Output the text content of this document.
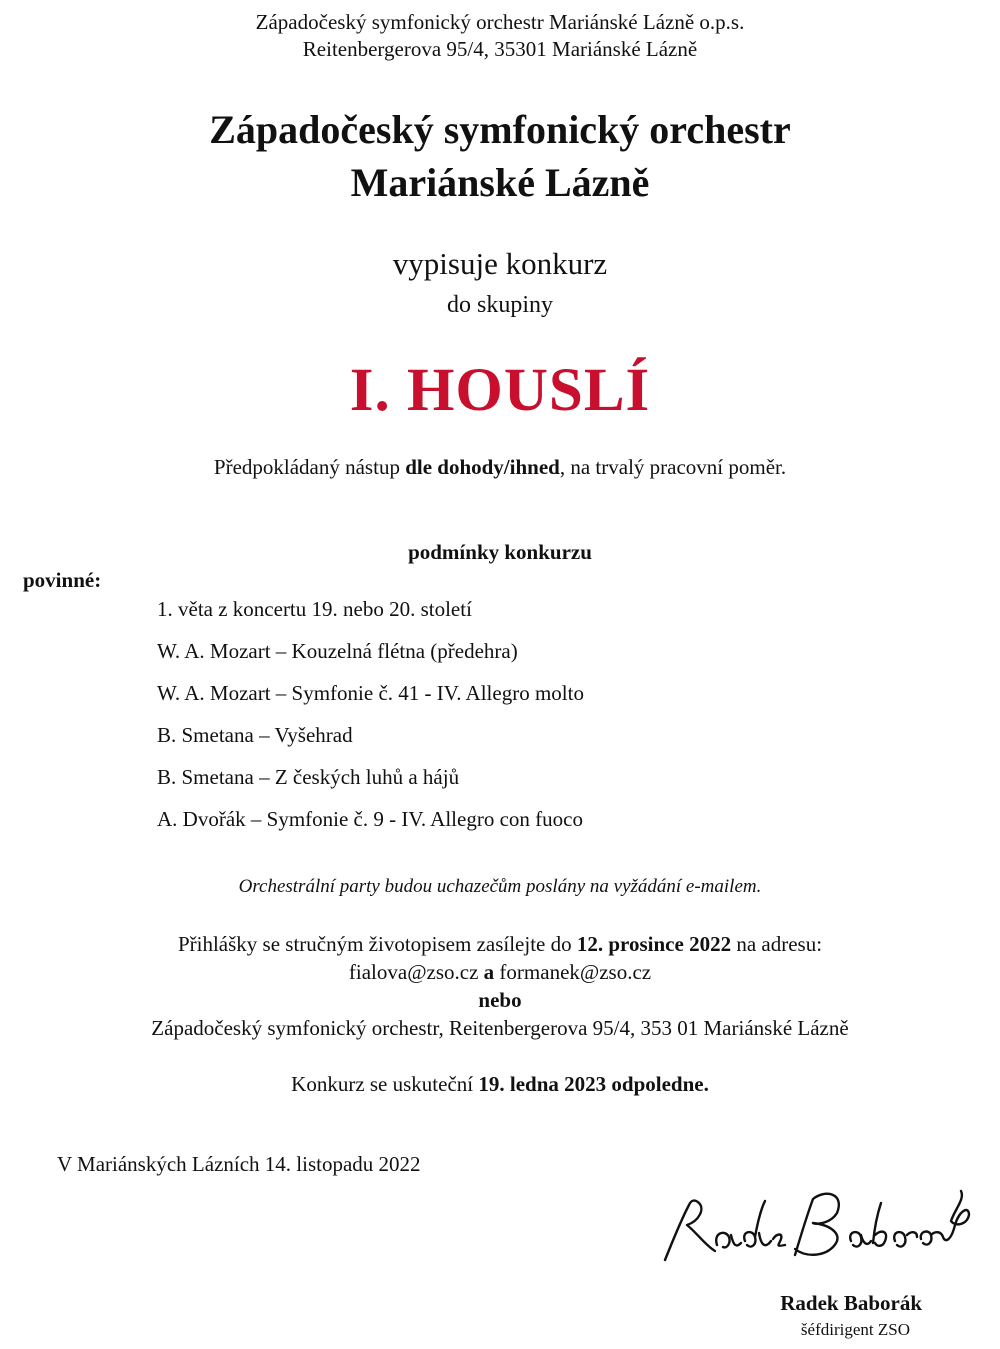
Západočeský symfonický orchestr Mariánské Lázně o.p.s.
Reitenbergerova 95/4, 35301 Mariánské Lázně
Západočeský symfonický orchestr
Mariánské Lázně
vypisuje konkurz
do skupiny
I. HOUSLÍ
Předpokládaný nástup dle dohody/ihned, na trvalý pracovní poměr.
podmínky konkurzu
povinné:
1. věta z koncertu 19. nebo 20. století
W. A. Mozart – Kouzelná flétna (předehra)
W. A. Mozart – Symfonie č. 41 - IV. Allegro molto
B. Smetana – Vyšehrad
B. Smetana – Z českých luhů a hájů
A. Dvořák – Symfonie č. 9 - IV. Allegro con fuoco
Orchestrální party budou uchazečům poslány na vyžádání e-mailem.
Přihlášky se stručným životopisem zasílejte do 12. prosince 2022 na adresu:
fialova@zso.cz a formanek@zso.cz
nebo
Západočeský symfonický orchestr, Reitenbergerova 95/4, 353 01 Mariánské Lázně
Konkurz se uskuteční 19. ledna 2023 odpoledne.
V Mariánských Lázních 14. listopadu 2022
Radek Baborák
šéfdirigent ZSO
